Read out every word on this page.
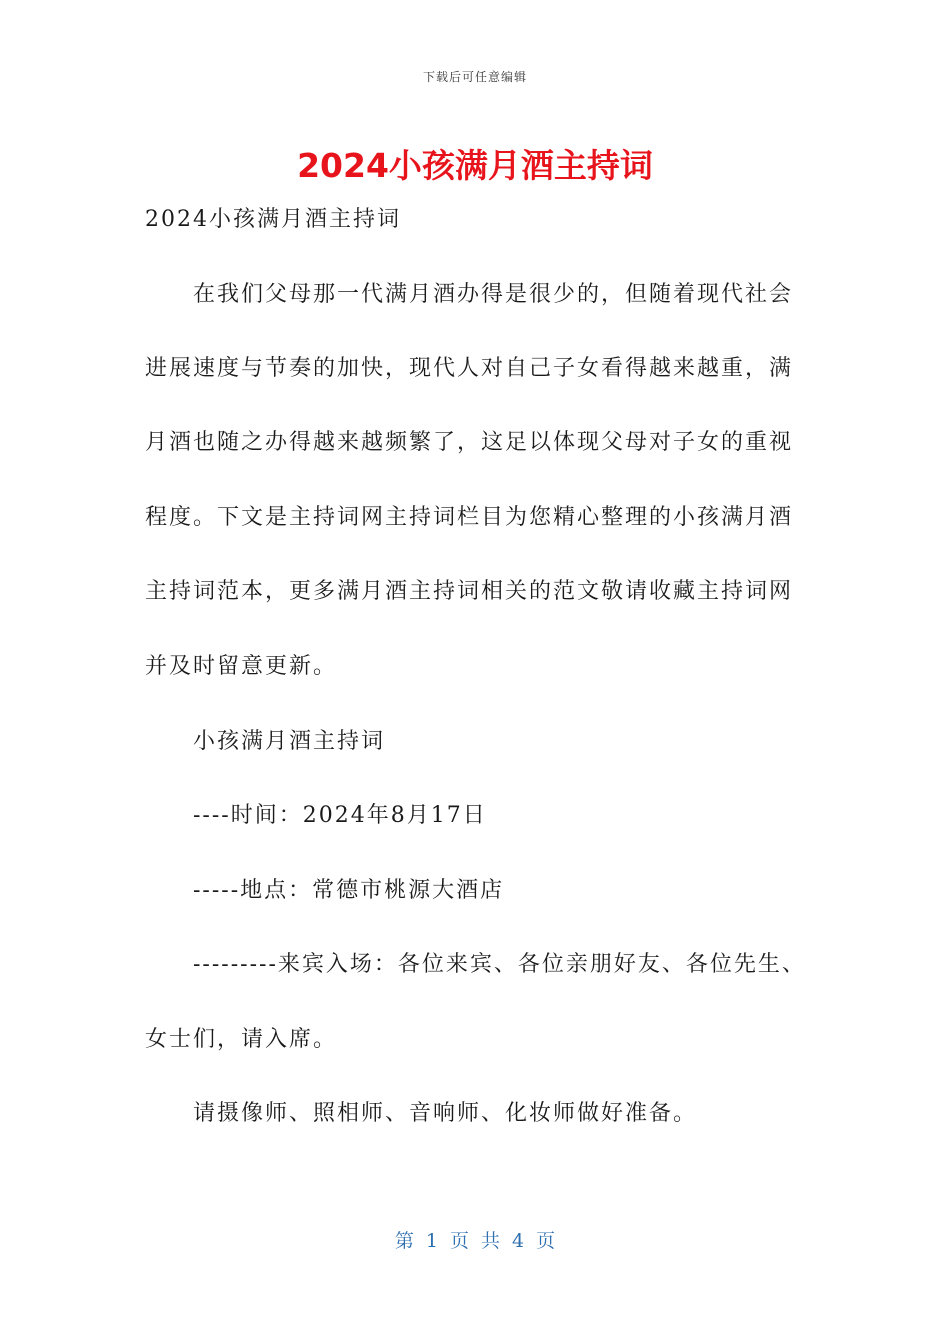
下载后可任意编辑
2024小孩满月酒主持词
2024小孩满月酒主持词
在我们父母那一代满月酒办得是很少的，但随着现代社会
进展速度与节奏的加快，现代人对自己子女看得越来越重，满
月酒也随之办得越来越频繁了，这足以体现父母对子女的重视
程度。下文是主持词网主持词栏目为您精心整理的小孩满月酒
主持词范本，更多满月酒主持词相关的范文敬请收藏主持词网
并及时留意更新。
小孩满月酒主持词
----时间：2024年8月17日
-----地点：常德市桃源大酒店
---------来宾入场：各位来宾、各位亲朋好友、各位先生、
女士们，请入席。
请摄像师、照相师、音响师、化妆师做好准备。
第 1 页 共 4 页
